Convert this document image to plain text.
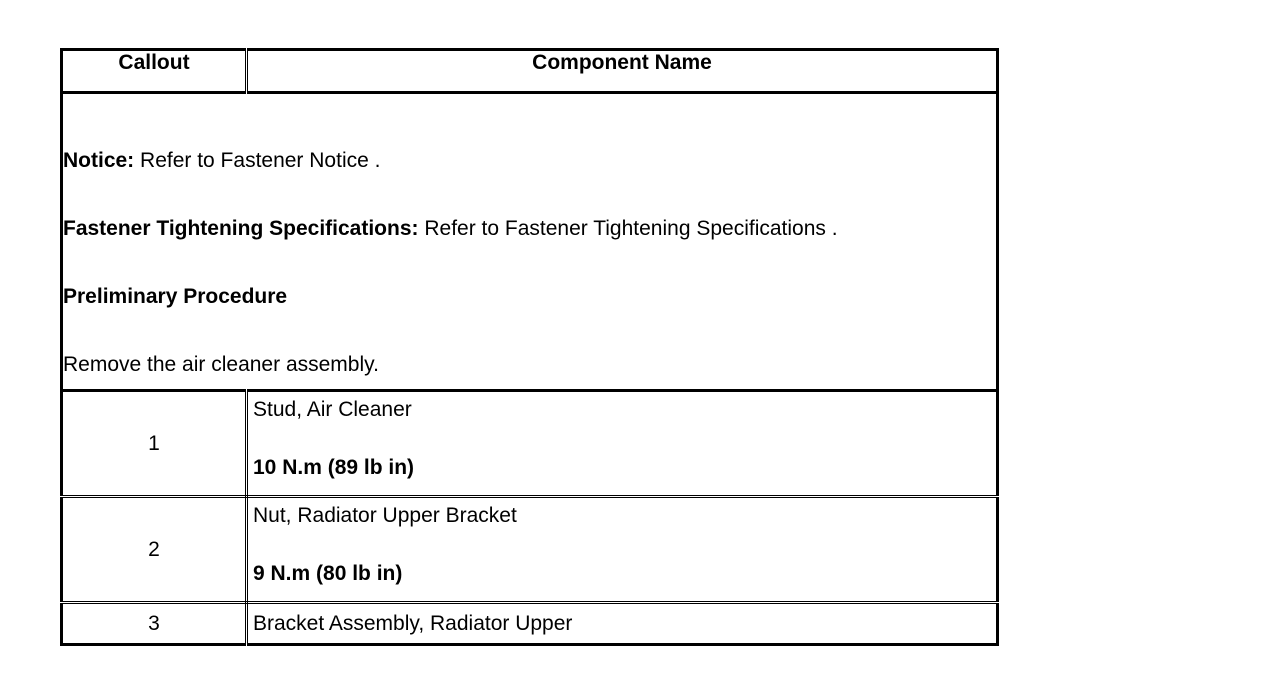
Callout	Component Name

Notice: Refer to Fastener Notice .

Fastener Tightening Specifications: Refer to Fastener Tightening Specifications .

Preliminary Procedure

Remove the air cleaner assembly.	

1	Stud, Air Cleaner
10 N.m (89 lb in)

2	Nut, Radiator Upper Bracket
9 N.m (80 lb in)

3	Bracket Assembly, Radiator Upper
